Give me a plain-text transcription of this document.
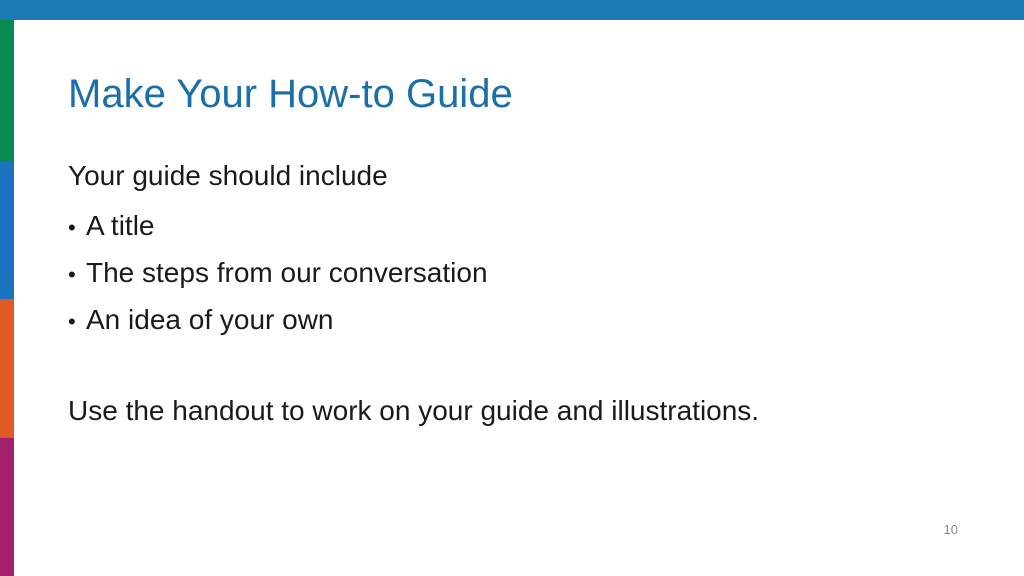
Make Your How-to Guide

Your guide should include

• A title
• The steps from our conversation
• An idea of your own

Use the handout to work on your guide and illustrations.

10
